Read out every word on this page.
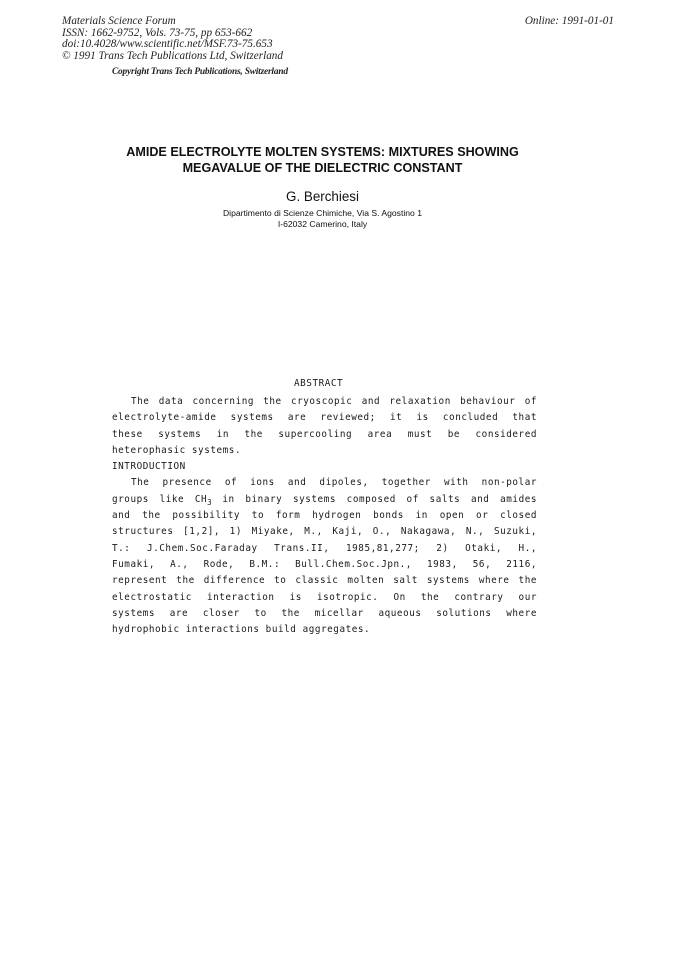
Materials Science Forum
ISSN: 1662-9752, Vols. 73-75, pp 653-662
doi:10.4028/www.scientific.net/MSF.73-75.653
© 1991 Trans Tech Publications Ltd, Switzerland
Online: 1991-01-01
Copyright Trans Tech Publications, Switzerland
AMIDE ELECTROLYTE MOLTEN SYSTEMS: MIXTURES SHOWING
MEGAVALUE OF THE DIELECTRIC CONSTANT
G. Berchiesi
Dipartimento di Scienze Chimiche, Via S. Agostino 1
I-62032 Camerino, Italy
ABSTRACT
The data concerning the cryoscopic and relaxation behaviour of
electrolyte-amide systems are reviewed; it is concluded that
these systems in the supercooling area must be considered
heterophasic systems.
INTRODUCTION
The presence of ions and dipoles, together with non-polar
groups like $CH_3$ in binary systems composed of salts and amides
and the possibility to form hydrogen bonds in open or closed
structures [1,2], 1) Miyake, M., Kaji, O., Nakagawa, N., Suzuki,
T.: J.Chem.Soc.Faraday Trans.II, 1985,81,277; 2) Otaki, H.,
Fumaki, A., Rode, B.M.: Bull.Chem.Soc.Jpn., 1983, 56, 2116,
represent the difference to classic molten salt systems where the
electrostatic interaction is isotropic. On the contrary our
systems are closer to the micellar aqueous solutions where
hydrophobic interactions build aggregates.
